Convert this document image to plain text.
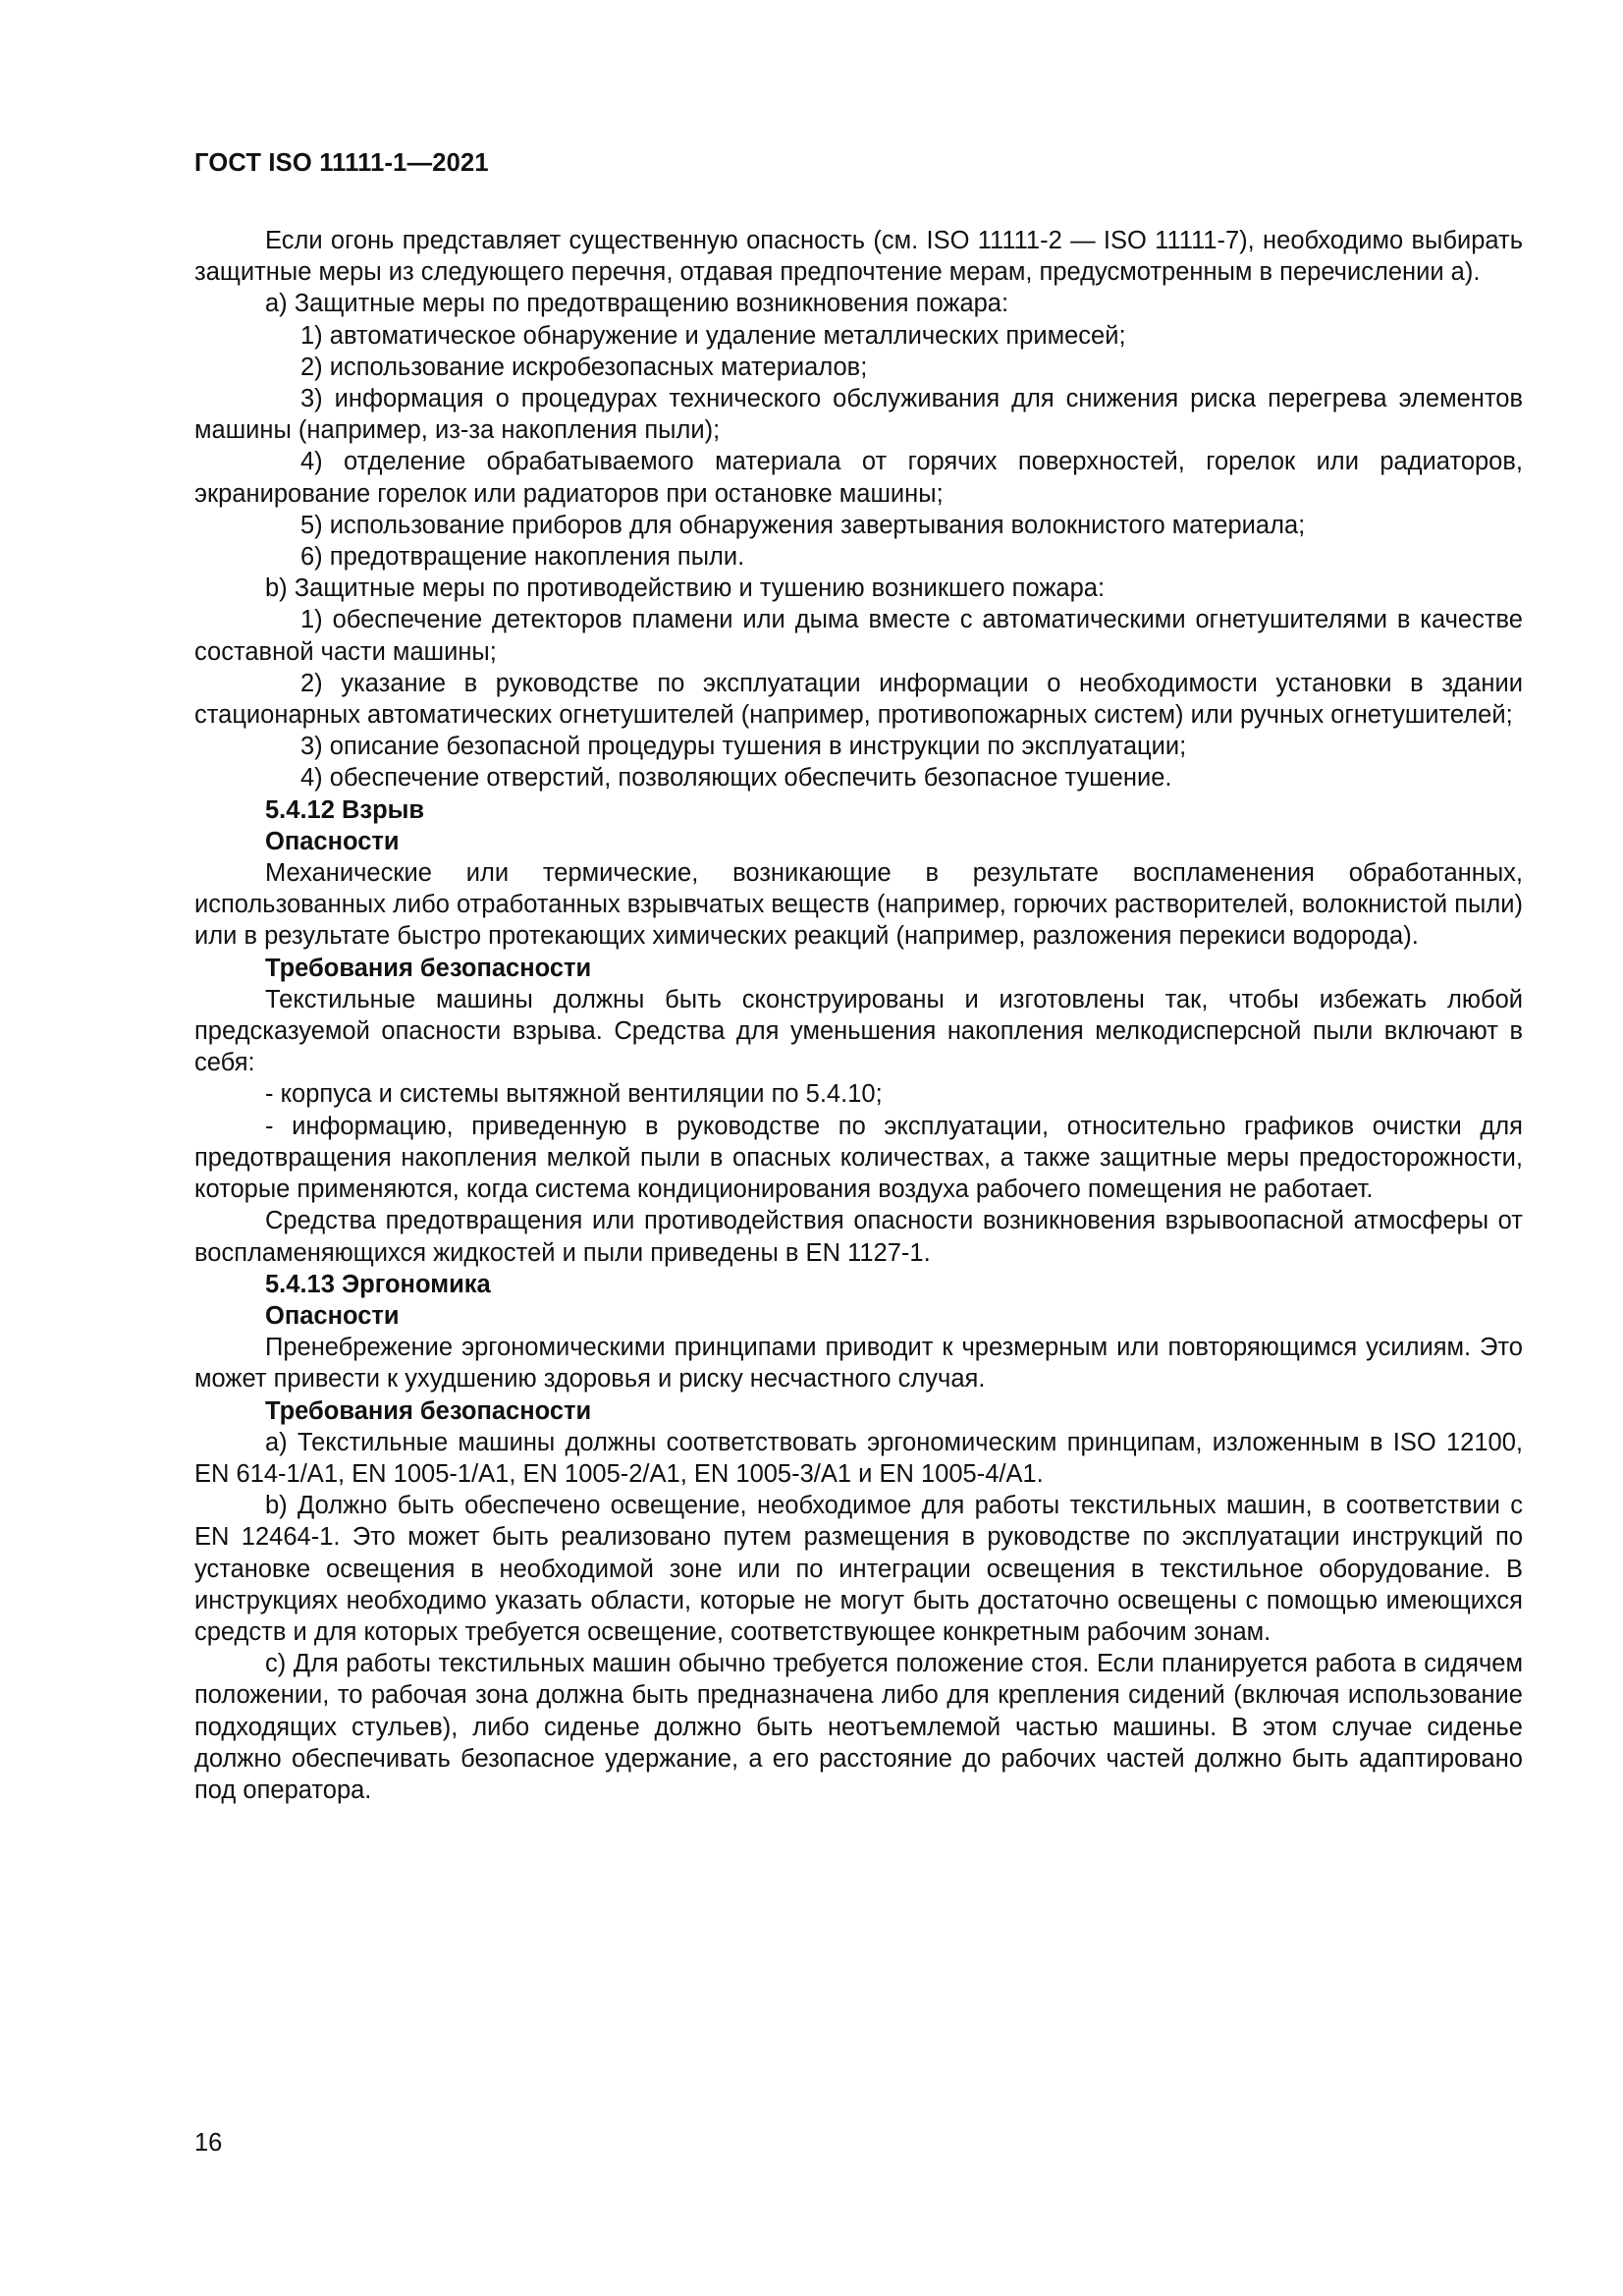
ГОСТ ISO 11111-1—2021

Если огонь представляет существенную опасность (см. ISO 11111-2 — ISO 11111-7), необходимо выбирать защитные меры из следующего перечня, отдавая предпочтение мерам, предусмотренным в перечислении а).

а) Защитные меры по предотвращению возникновения пожара:

1) автоматическое обнаружение и удаление металлических примесей;

2) использование искробезопасных материалов;

3) информация о процедурах технического обслуживания для снижения риска перегрева элементов машины (например, из-за накопления пыли);

4) отделение обрабатываемого материала от горячих поверхностей, горелок или радиаторов, экранирование горелок или радиаторов при остановке машины;

5) использование приборов для обнаружения завертывания волокнистого материала;

6) предотвращение накопления пыли.

b) Защитные меры по противодействию и тушению возникшего пожара:

1) обеспечение детекторов пламени или дыма вместе с автоматическими огнетушителями в качестве составной части машины;

2) указание в руководстве по эксплуатации информации о необходимости установки в здании стационарных автоматических огнетушителей (например, противопожарных систем) или ручных огнетушителей;

3) описание безопасной процедуры тушения в инструкции по эксплуатации;

4) обеспечение отверстий, позволяющих обеспечить безопасное тушение.

5.4.12 Взрыв

Опасности

Механические или термические, возникающие в результате воспламенения обработанных, использованных либо отработанных взрывчатых веществ (например, горючих растворителей, волокнистой пыли) или в результате быстро протекающих химических реакций (например, разложения перекиси водорода).

Требования безопасности

Текстильные машины должны быть сконструированы и изготовлены так, чтобы избежать любой предсказуемой опасности взрыва. Средства для уменьшения накопления мелкодисперсной пыли включают в себя:

- корпуса и системы вытяжной вентиляции по 5.4.10;

- информацию, приведенную в руководстве по эксплуатации, относительно графиков очистки для предотвращения накопления мелкой пыли в опасных количествах, а также защитные меры предосторожности, которые применяются, когда система кондиционирования воздуха рабочего помещения не работает.

Средства предотвращения или противодействия опасности возникновения взрывоопасной атмосферы от воспламеняющихся жидкостей и пыли приведены в EN 1127-1.

5.4.13 Эргономика

Опасности

Пренебрежение эргономическими принципами приводит к чрезмерным или повторяющимся усилиям. Это может привести к ухудшению здоровья и риску несчастного случая.

Требования безопасности

а) Текстильные машины должны соответствовать эргономическим принципам, изложенным в ISO 12100, EN 614-1/A1, EN 1005-1/A1, EN 1005-2/A1, EN 1005-3/A1 и EN 1005-4/A1.

b) Должно быть обеспечено освещение, необходимое для работы текстильных машин, в соответствии с EN 12464-1. Это может быть реализовано путем размещения в руководстве по эксплуатации инструкций по установке освещения в необходимой зоне или по интеграции освещения в текстильное оборудование. В инструкциях необходимо указать области, которые не могут быть достаточно освещены с помощью имеющихся средств и для которых требуется освещение, соответствующее конкретным рабочим зонам.

с) Для работы текстильных машин обычно требуется положение стоя. Если планируется работа в сидячем положении, то рабочая зона должна быть предназначена либо для крепления сидений (включая использование подходящих стульев), либо сиденье должно быть неотъемлемой частью машины. В этом случае сиденье должно обеспечивать безопасное удержание, а его расстояние до рабочих частей должно быть адаптировано под оператора.

16
